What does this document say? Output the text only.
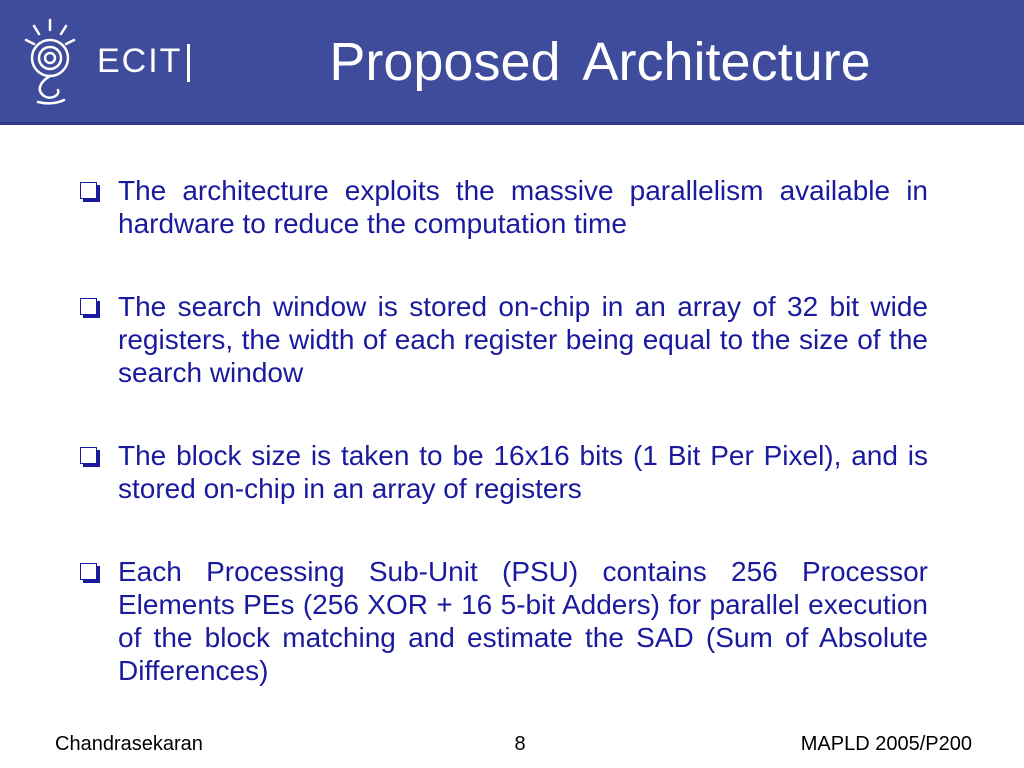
ECIT	Proposed Architecture
The architecture exploits the massive parallelism available in hardware to reduce the computation time
The search window is stored on-chip in an array of 32 bit wide registers, the width of each register being equal to the size of the search window
The block size is taken to be 16x16 bits (1 Bit Per Pixel), and is stored on-chip in an array of registers
Each Processing Sub-Unit (PSU) contains 256 Processor Elements PEs (256 XOR + 16 5-bit Adders) for parallel execution of the block matching and estimate the SAD (Sum of Absolute Differences)
Chandrasekaran	8	MAPLD 2005/P200
